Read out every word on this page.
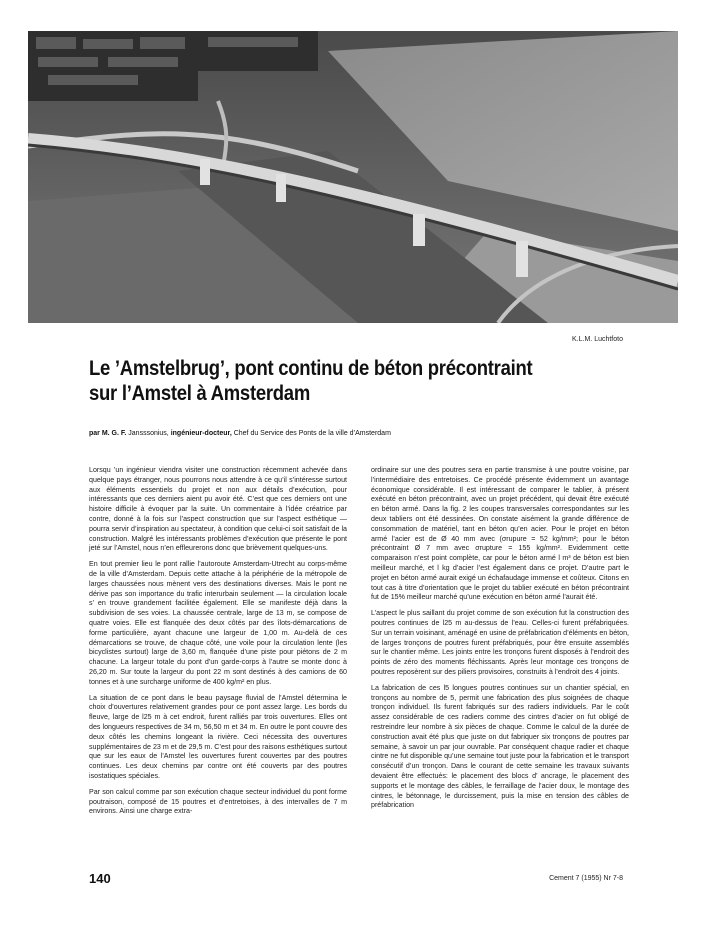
K.L.M. Luchtfoto
Le ’Amstelbrug’, pont continu de béton précontraint
sur l’Amstel à Amsterdam
par M. G. F. Jansssonius, ingénieur-docteur, Chef du Service des Ponts de la ville d’Amsterdam

Lorsqu ’un ingénieur viendra visiter une construction récemment achevée dans quelque pays étranger, nous pourrons nous attendre à ce qu’il s’intéresse surtout aux éléments essentiels du projet et non aux détails d’exécution, pour intéressants que ces derniers aient pu avoir été. C’est que ces derniers ont une histoire difficile à évoquer par la suite. Un commentaire à l’idée créatrice par contre, donné à la fois sur l’aspect construction que sur l’aspect esthétique — pourra servir d’inspiration au spectateur, à condition que celui-ci soit satisfait de la construction. Malgré les intéressants problèmes d’exécution que présente le pont jeté sur l’Amstel, nous n’en effleurerons donc que brièvement quelques-uns.

En tout premier lieu le pont rallie l’autoroute Amsterdam-Utrecht au corps-même de la ville d’Amsterdam. Depuis cette attache à la périphérie de la métropole de larges chaussées nous mènent vers des destinations diverses. Mais le pont ne dérive pas son importance du trafic interurbain seulement — la circulation locale s’ en trouve grandement facilitée également. Elle se manifeste déjà dans la subdivision de ses voies. La chaussée centrale, large de 13 m, se compose de quatre voies. Elle est flanquée des deux côtés par des îlots-démarcations de forme particulière, ayant chacune une largeur de 1,00 m. Au-delà de ces démarcations se trouve, de chaque côté, une voile pour la circulation lente (les bicyclistes surtout) large de 3,60 m, flanquée d’une piste pour piétons de 2 m chacune. La largeur totale du pont d’un garde-corps à l’autre se monte donc à 26,20 m. Sur toute la largeur du pont 22 m sont destinés à des camions de 60 tonnes et à une surcharge uniforme de 400 kg/m² en plus.

La situation de ce pont dans le beau paysage fluvial de l’Amstel détermina le choix d’ouvertures relativement grandes pour ce pont assez large. Les bords du fleuve, large de l25 m à cet endroit, furent ralliés par trois ouvertures. Elles ont des longueurs respectives de 34 m, 56,50 m et 34 m. En outre le pont couvre des deux côtés les chemins longeant la rivière. Ceci nécessita des ouvertures supplémentaires de 23 m et de 29,5 m. C’est pour des raisons esthétiques surtout que sur les eaux de l’Amstel les ouvertures furent couvertes par des poutres continues. Les deux chemins par contre ont été couverts par des poutres isostatiques spéciales.

Par son calcul comme par son exécution chaque secteur individuel du pont forme poutraison, composé de 15 poutres et d’entretoises, à des intervalles de 7 m environs. Ainsi une charge extra-

ordinaire sur une des poutres sera en partie transmise à une poutre voisine, par l’intermédiaire des entretoises. Ce procédé présente évidemment un avantage économique considérable. Il est intéressant de comparer le tablier, à présent exécuté en béton précontraint, avec un projet précédent, qui devait être exécuté en béton armé. Dans la fig. 2 les coupes transversales correspondantes sur les deux tabliers ont été dessinées. On constate aisément la grande différence de consommation de matériel, tant en béton qu’en acier. Pour le projet en béton armé l’acier est de Ø 40 mm avec (σrupure = 52 kg/mm²; pour le béton précontraint Ø 7 mm avec σrupture = 155 kg/mm². Evidemment cette comparaison n’est point complète, car pour le béton armé l m³ de béton est bien meilleur marché, et l kg d’acier l’est également dans ce projet. D’autre part le projet en béton armé aurait exigé un échafaudage immense et coûteux. Citons en tout cas à titre d’orientation que le projet du tablier exécuté en béton précontraint fut de 15% meilleur marché qu’une exécution en béton armé l’aurait été.

L’aspect le plus saillant du projet comme de son exécution fut la construction des poutres continues de l25 m au-dessus de l’eau. Celles-ci furent préfabriquées. Sur un terrain voisinant, aménagé en usine de préfabrication d’éléments en béton, de larges tronçons de poutres furent préfabriqués, pour être ensuite assemblés sur le chantier même. Les joints entre les tronçons furent disposés à l’endroit des points de zéro des moments fléchissants. Après leur montage ces tronçons de poutres reposèrent sur des piliers provisoires, construits à l’endroit des 4 joints.

La fabrication de ces l5 longues poutres continues sur un chantier spécial, en tronçons au nombre de 5, permit une fabrication des plus soignées de chaque tronçon individuel. Ils furent fabriqués sur des radiers individuels. Par le coût assez considérable de ces radiers comme des cintres d’acier on fut obligé de restreindre leur nombre à six pièces de chaque. Comme le calcul de la durée de construction avait été plus que juste on dut fabriquer six tronçons de poutres par semaine, à savoir un par jour ouvrable. Par conséquent chaque radier et chaque cintre ne fut disponible qu’une semaine tout juste pour la fabrication et le transport consécutif d’un tronçon. Dans le courant de cette semaine les travaux suivants devaient être effectués: le placement des blocs d’ ancrage, le placement des supports et le montage des câbles, le ferraillage de l’acier doux, le montage des cintres, le bétonnage, le durcissement, puis la mise en tension des câbles de préfabrication

140	Cement 7 (1955) Nr 7-8
